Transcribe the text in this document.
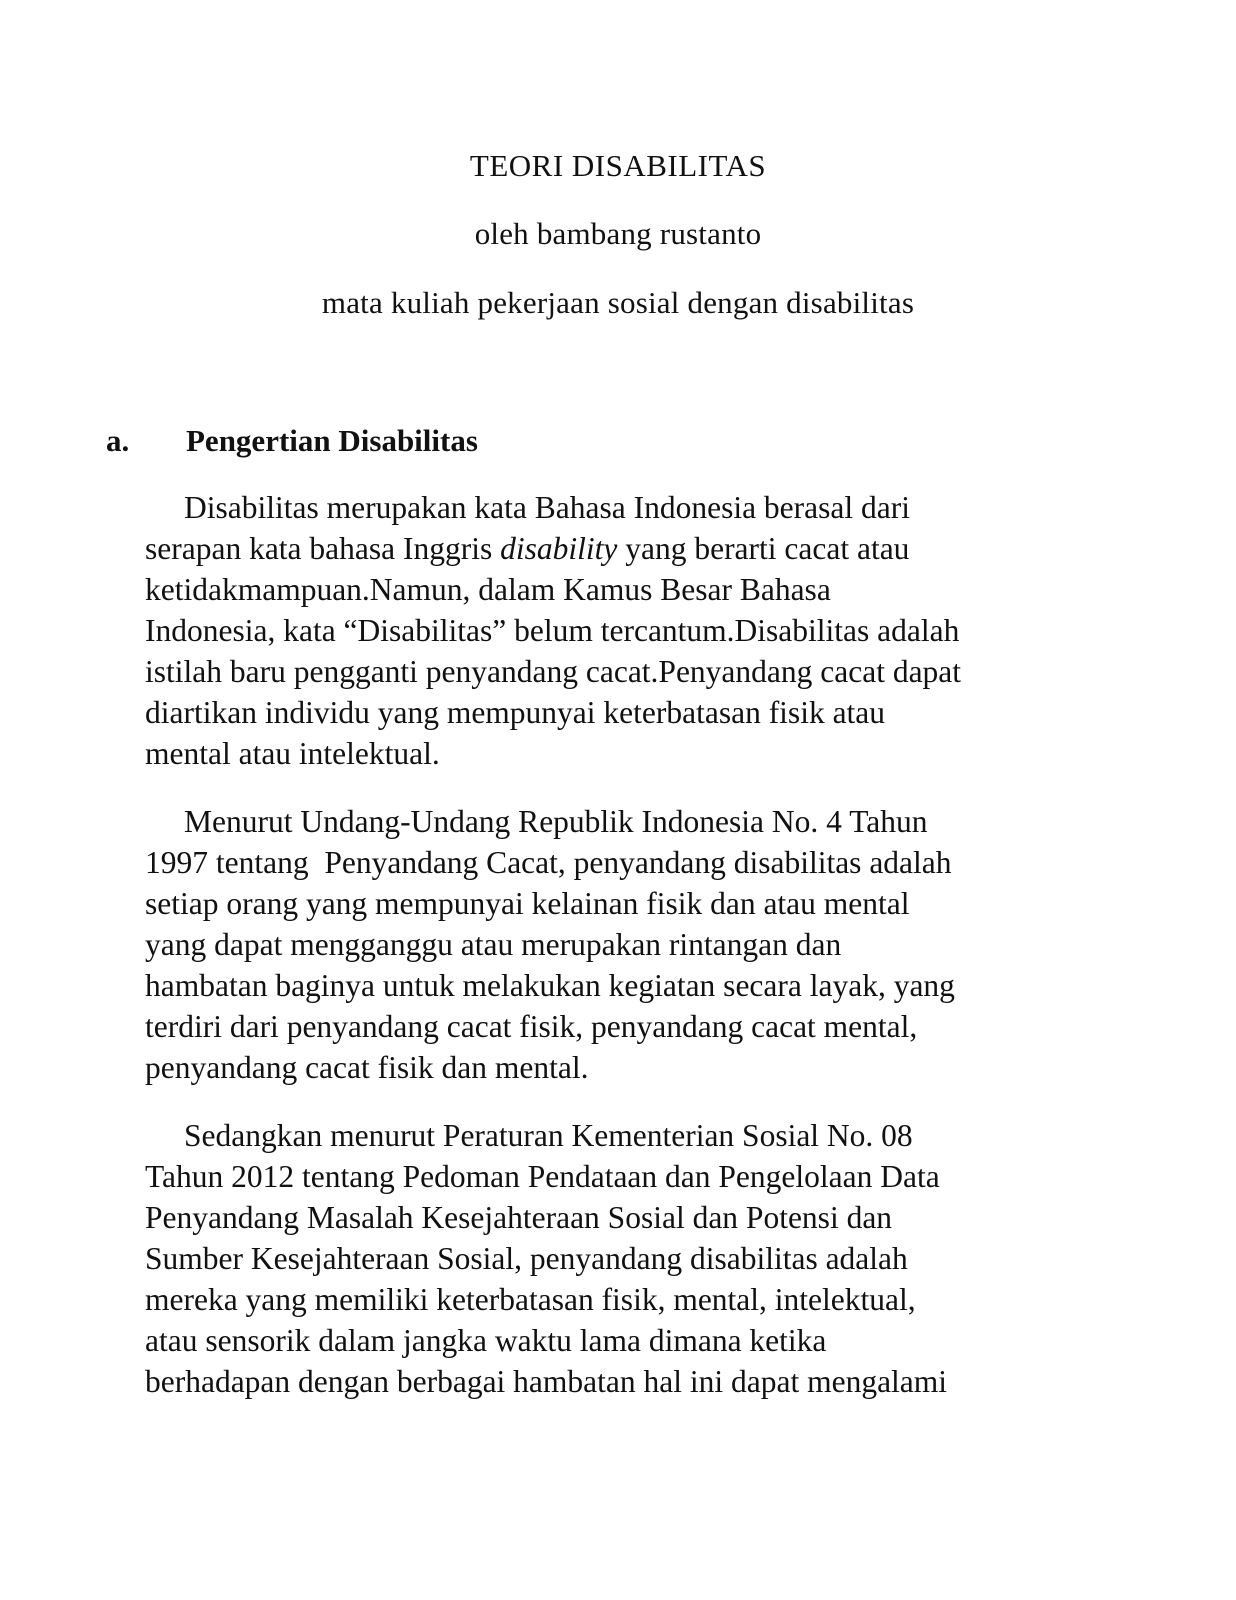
TEORI DISABILITAS
oleh bambang rustanto
mata kuliah pekerjaan sosial dengan disabilitas
a. Pengertian Disabilitas

Disabilitas merupakan kata Bahasa Indonesia berasal dari
serapan kata bahasa Inggris disability yang berarti cacat atau
ketidakmampuan.Namun, dalam Kamus Besar Bahasa
Indonesia, kata “Disabilitas” belum tercantum.Disabilitas adalah
istilah baru pengganti penyandang cacat.Penyandang cacat dapat
diartikan individu yang mempunyai keterbatasan fisik atau
mental atau intelektual.

Menurut Undang-Undang Republik Indonesia No. 4 Tahun
1997 tentang  Penyandang Cacat, penyandang disabilitas adalah
setiap orang yang mempunyai kelainan fisik dan atau mental
yang dapat mengganggu atau merupakan rintangan dan
hambatan baginya untuk melakukan kegiatan secara layak, yang
terdiri dari penyandang cacat fisik, penyandang cacat mental,
penyandang cacat fisik dan mental.

Sedangkan menurut Peraturan Kementerian Sosial No. 08
Tahun 2012 tentang Pedoman Pendataan dan Pengelolaan Data
Penyandang Masalah Kesejahteraan Sosial dan Potensi dan
Sumber Kesejahteraan Sosial, penyandang disabilitas adalah
mereka yang memiliki keterbatasan fisik, mental, intelektual,
atau sensorik dalam jangka waktu lama dimana ketika
berhadapan dengan berbagai hambatan hal ini dapat mengalami
